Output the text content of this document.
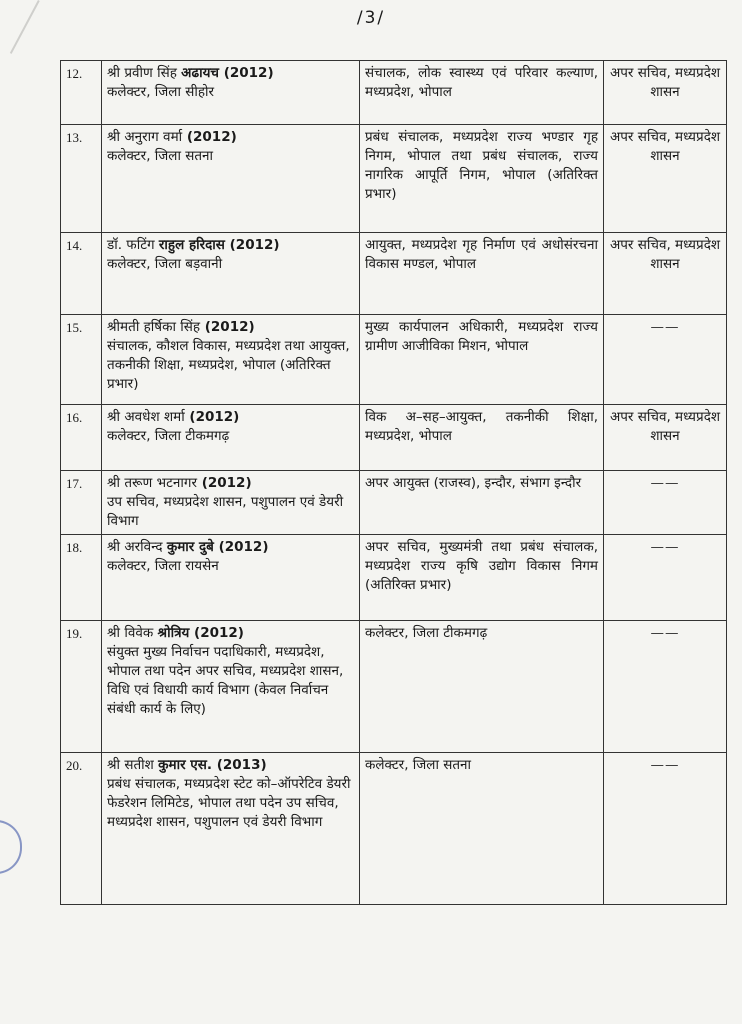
/3/
12.	श्री प्रवीण सिंह अढायच (2012)
कलेक्टर, जिला सीहोर	संचालक, लोक स्वास्थ्य एवं परिवार कल्याण, मध्यप्रदेश, भोपाल	अपर सचिव, मध्यप्रदेश शासन
13.	श्री अनुराग वर्मा (2012)
कलेक्टर, जिला सतना	प्रबंध संचालक, मध्यप्रदेश राज्य भण्डार गृह निगम, भोपाल तथा प्रबंध संचालक, राज्य नागरिक आपूर्ति निगम, भोपाल (अतिरिक्त प्रभार)	अपर सचिव, मध्यप्रदेश शासन
14.	डॉ. फटिंग राहुल हरिदास (2012)
कलेक्टर, जिला बड़वानी	आयुक्त, मध्यप्रदेश गृह निर्माण एवं अधोसंरचना विकास मण्डल, भोपाल	अपर सचिव, मध्यप्रदेश शासन
15.	श्रीमती हर्षिका सिंह (2012)
संचालक, कौशल विकास, मध्यप्रदेश तथा आयुक्त, तकनीकी शिक्षा, मध्यप्रदेश, भोपाल (अतिरिक्त प्रभार)	मुख्य कार्यपालन अधिकारी, मध्यप्रदेश राज्य ग्रामीण आजीविका मिशन, भोपाल	——
16.	श्री अवधेश शर्मा (2012)
कलेक्टर, जिला टीकमगढ़	विक अ–सह–आयुक्त, तकनीकी शिक्षा, मध्यप्रदेश, भोपाल	अपर सचिव, मध्यप्रदेश शासन
17.	श्री तरूण भटनागर (2012)
उप सचिव, मध्यप्रदेश शासन, पशुपालन एवं डेयरी विभाग	अपर आयुक्त (राजस्व), इन्दौर, संभाग इन्दौर	——
18.	श्री अरविन्द कुमार दुबे (2012)
कलेक्टर, जिला रायसेन	अपर सचिव, मुख्यमंत्री तथा प्रबंध संचालक, मध्यप्रदेश राज्य कृषि उद्योग विकास निगम (अतिरिक्त प्रभार)	——
19.	श्री विवेक श्रोत्रिय (2012)
संयुक्त मुख्य निर्वाचन पदाधिकारी, मध्यप्रदेश, भोपाल तथा पदेन अपर सचिव, मध्यप्रदेश शासन, विधि एवं विधायी कार्य विभाग (केवल निर्वाचन संबंधी कार्य के लिए)	कलेक्टर, जिला टीकमगढ़	——
20.	श्री सतीश कुमार एस. (2013)
प्रबंध संचालक, मध्यप्रदेश स्टेट को–ऑपरेटिव डेयरी फेडरेशन लिमिटेड, भोपाल तथा पदेन उप सचिव, मध्यप्रदेश शासन, पशुपालन एवं डेयरी विभाग	कलेक्टर, जिला सतना	——
